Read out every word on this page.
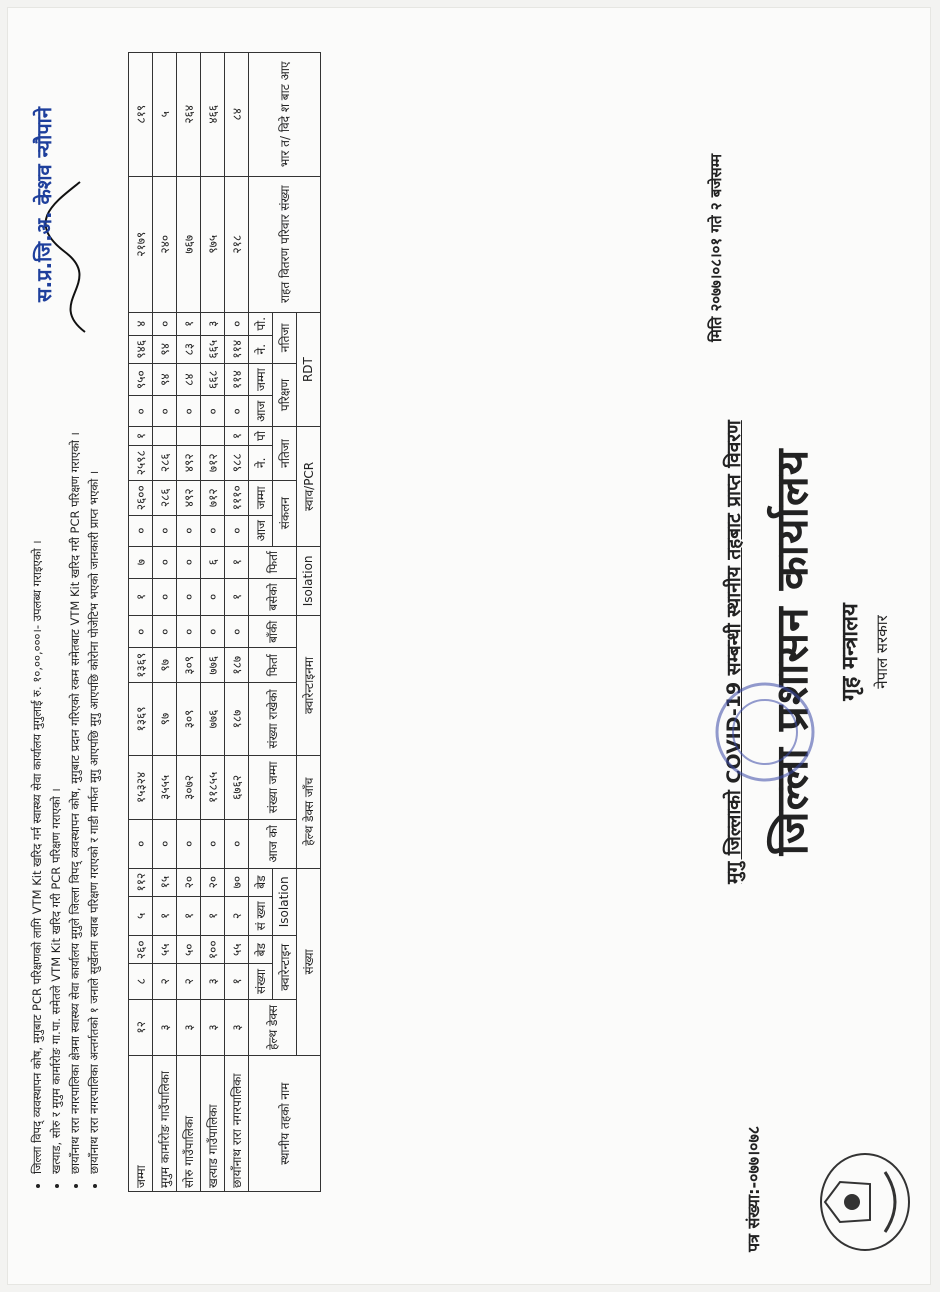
पत्र संख्या:-०७७।०७८
नेपाल सरकार
गृह मन्त्रालय
जिल्ला प्रशासन कार्यालय
मुगु जिल्लाको COVID-19 सम्बन्धी स्थानीय तहबाट प्राप्त विवरण
मिति २०७७।०८।०१ गते २ बजेसम्म
स्थानीय तहको नाम	संख्या					हेल्थ डेक्स जाँच		क्वारेन्टाइनमा			Isolation		स्वाव/PCR				RDT				राहत वितरण परिवार संख्या	भार त/ विदे श बाट आए
	हेल्थ डेक्स	क्वारेन्टाइन		Isolation		आज को	संख्या जम्मा	संख्या राखेको	फिर्ता	बाँकी	बसेको	फिर्ता	संकलन		नतिजा		परिक्षण		नतिजा			
		संख्या	बेड	सं ख्या	बेड								आज	जम्मा	ने.	पो	आज	जम्मा	ने.	पो.		
छायाँनाथ रारा नगरपालिका	३	१	५५	२	७०	०	६७६२	१८७	१८७	०	१	१	०	१११०	९८८	१	०	११४	११४	०	२१८	८४
खत्याड गाउँपालिका	३	३	१००	१	२०	०	११८५५	७७६	७७६	०	०	६	०	७१२	७१२		०	६६८	६६५	३	९७५	४६६
सोरु गाउँपालिका	३	२	५०	१	२०	०	३०७२	३०९	३०९	०	०	०	०	४९२	४९२		०	८४	८३	१	७६७	२६४
मुगुम कार्मारोङ गाउँपालिका	३	२	५५	१	१५	०	३५५५	९७	९७	०	०	०	०	२८६	२८६		०	९४	९४	०	२४०	५
जम्मा	१२	८	२६०	५	११२	०	१५३२४	१३६९	१३६९	०	१	७	०	२६००	२५९८	१	०	९५०	९४६	४	२१७९	८१९
• जिल्ला विपद् व्यवस्थापन कोष, मुगुबाट PCR परिक्षणको लागि VTM Kit खरिद गर्न स्वास्थ्य सेवा कार्यालय मुगुलाई रु. १०,००,०००।- उपलब्ध गराइएको । • खत्याड, सोरु र मुगुम कार्मारोङ गा.पा. समेतले VTM Kit खरिद गरी PCR परिक्षण गराएको । • छायाँनाथ रारा नगरपालिका क्षेत्रमा स्वास्थ्य सेवा कार्यालय मुगुले जिल्ला विपद् व्यवस्थापन कोष, मुगुबाट प्रदान गरिएको रकम समेतबाट VTM Kit खरिद गरी PCR परिक्षण गराएको । • छायाँनाथ रारा नगरपालिका अन्तर्गतको १ जनाले सुर्खेतमा स्वाब परिक्षण गराएको र गाडी मार्फत मुगु आएपछि मुगु आएपछि कोरोना पोजेटिभ भएको जानकारी प्राप्त भएको ।
स.प्र.जि.अ. केशव न्यौपाने
